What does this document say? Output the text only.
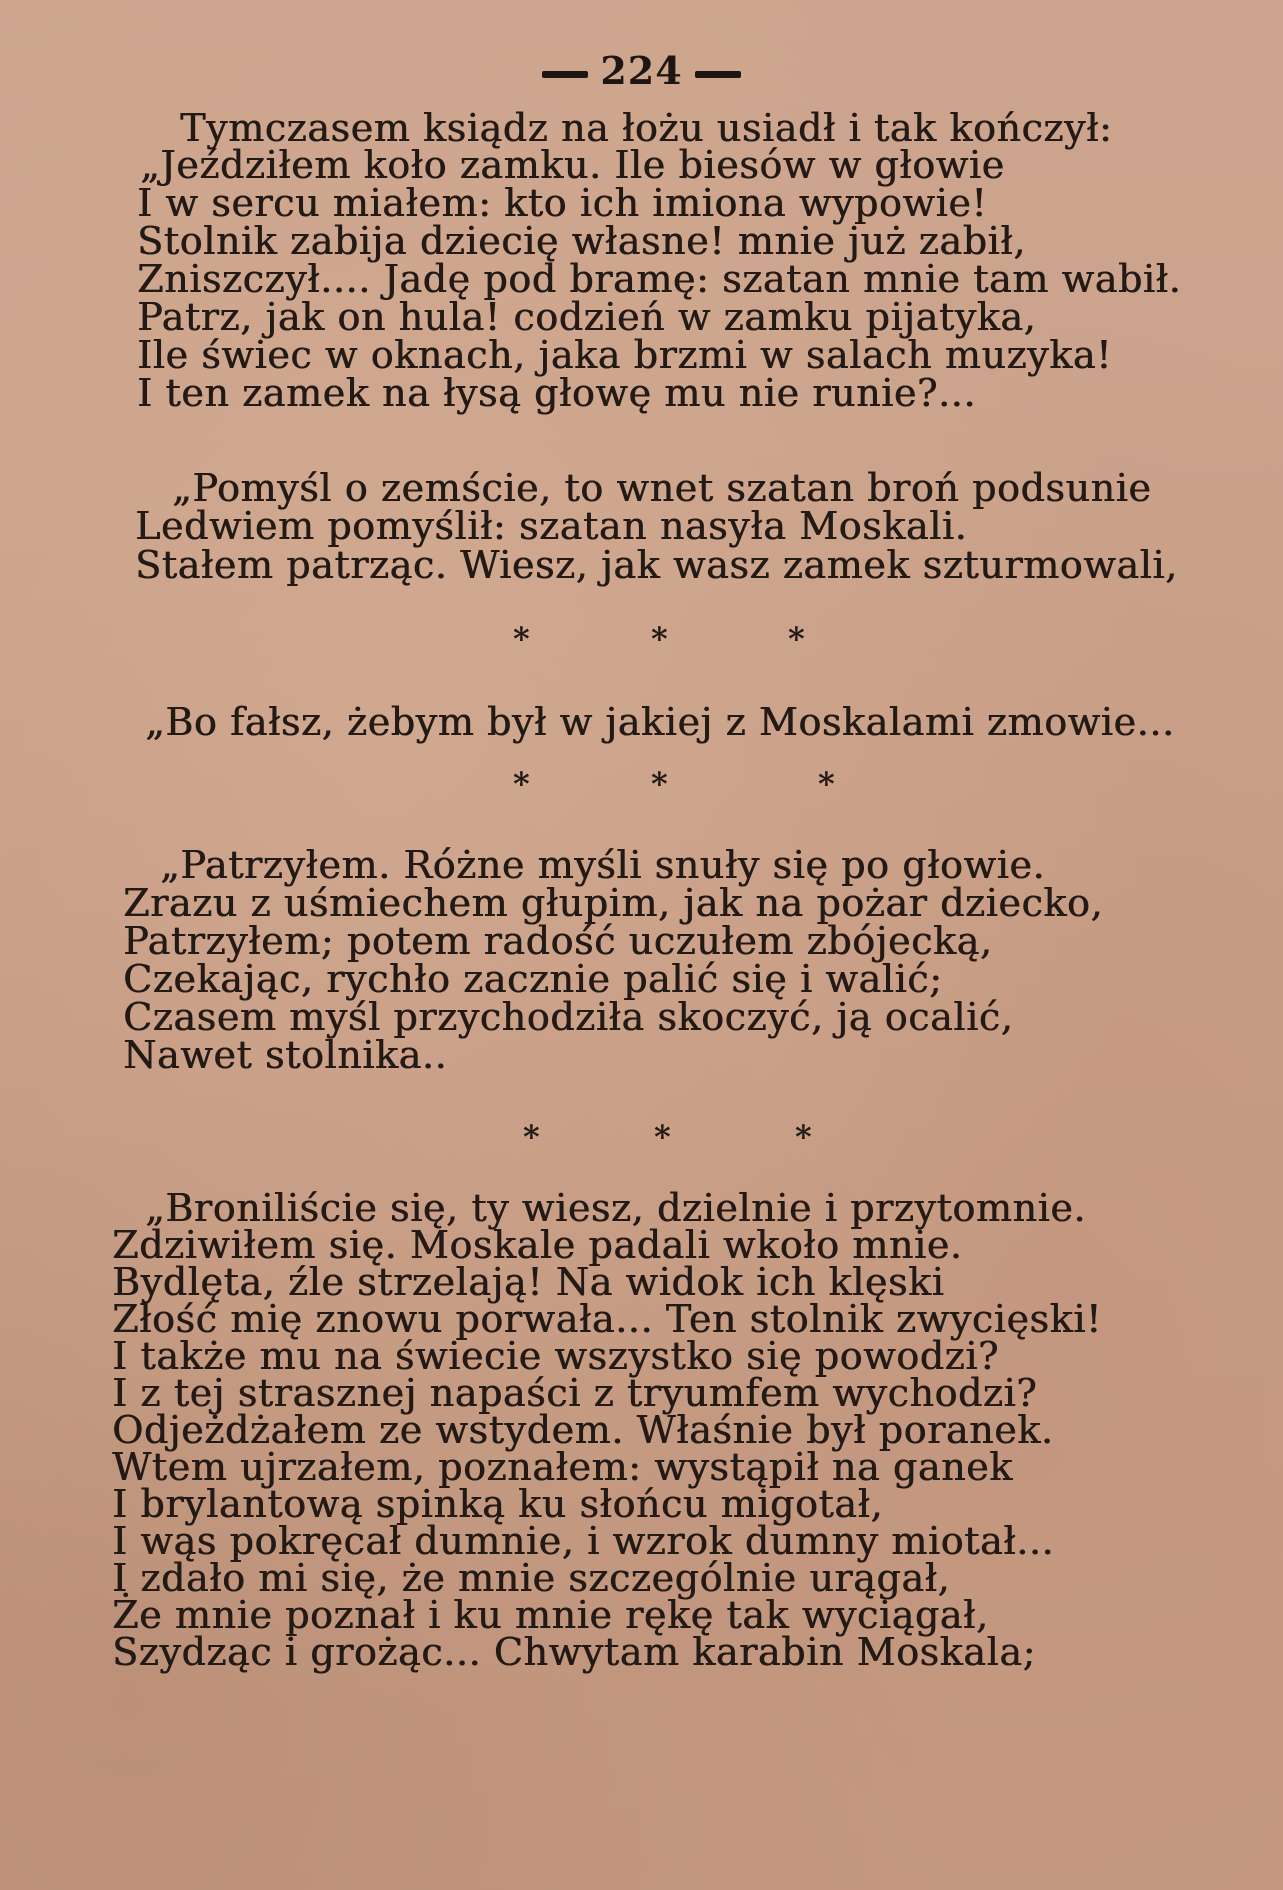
224
Tymczasem ksiądz na łożu usiadł i tak kończył:
„Jeździłem koło zamku. Ile biesów w głowie
I w sercu miałem: kto ich imiona wypowie!
Stolnik zabija dziecię własne! mnie już zabił,
Zniszczył.... Jadę pod bramę: szatan mnie tam wabił.
Patrz, jak on hula! codzień w zamku pijatyka,
Ile świec w oknach, jaka brzmi w salach muzyka!
I ten zamek na łysą głowę mu nie runie?...
„Pomyśl o zemście, to wnet szatan broń podsunie
Ledwiem pomyślił: szatan nasyła Moskali.
Stałem patrząc. Wiesz, jak wasz zamek szturmowali,
*	*	*
„Bo fałsz, żebym był w jakiej z Moskalami zmowie...
*	*	*
„Patrzyłem. Różne myśli snuły się po głowie.
Zrazu z uśmiechem głupim, jak na pożar dziecko,
Patrzyłem; potem radość uczułem zbójecką,
Czekając, rychło zacznie palić się i walić;
Czasem myśl przychodziła skoczyć, ją ocalić,
Nawet stolnika..
*	*	*
„Broniliście się, ty wiesz, dzielnie i przytomnie.
Zdziwiłem się. Moskale padali wkoło mnie.
Bydlęta, źle strzelają! Na widok ich klęski
Złość mię znowu porwała... Ten stolnik zwycięski!
I także mu na świecie wszystko się powodzi?
I z tej strasznej napaści z tryumfem wychodzi?
Odjeżdżałem ze wstydem. Właśnie był poranek.
Wtem ujrzałem, poznałem: wystąpił na ganek
I brylantową spinką ku słońcu migotał,
I wąs pokręcał dumnie, i wzrok dumny miotał...
I zdało mi się, że mnie szczególnie urągał,
Że mnie poznał i ku mnie rękę tak wyciągał,
Szydząc i grożąc... Chwytam karabin Moskala;
